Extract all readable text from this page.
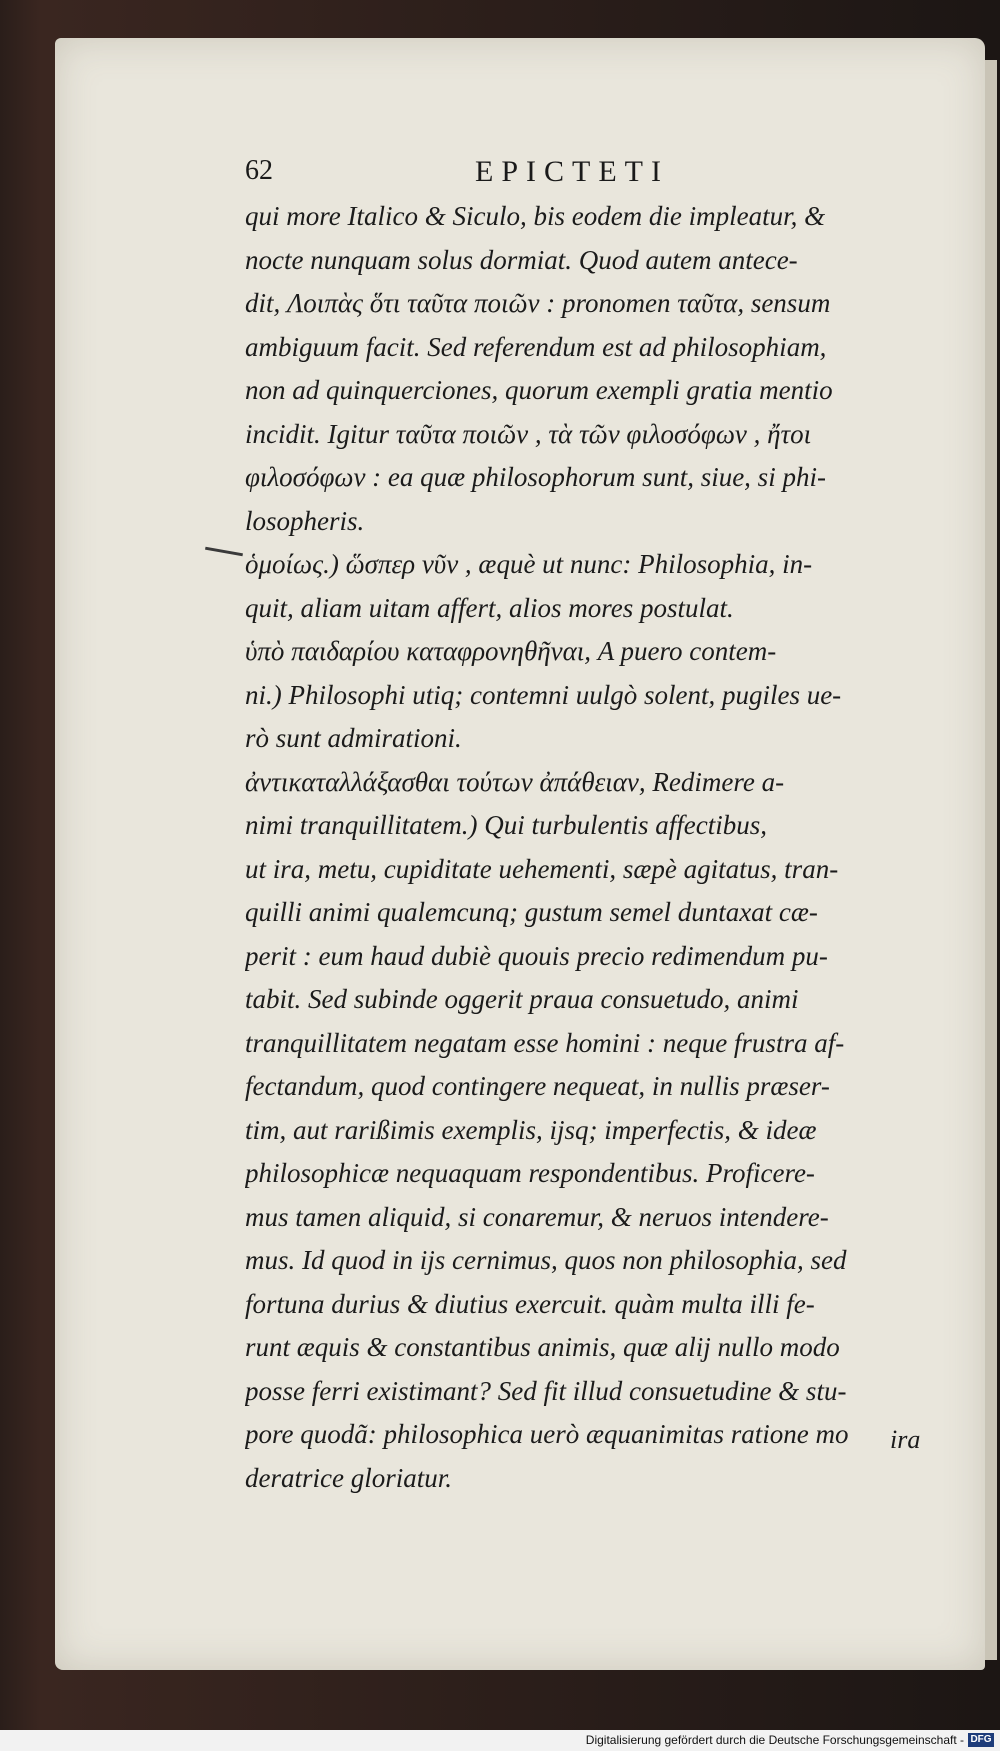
62	EPICTETI
qui more Italico & Siculo, bis eodem die impleatur, &
nocte nunquam solus dormiat. Quod autem antece-
dit, Λοιπὰς ὅτι ταῦτα ποιῶν : pronomen ταῦτα, sensum
ambiguum facit. Sed referendum est ad philosophiam,
non ad quinquerciones, quorum exempli gratia mentio
incidit. Igitur ταῦτα ποιῶν , τὰ τῶν φιλοσόφων , ἤτοι
φιλοσόφων : ea quæ philosophorum sunt, siue, si phi-
losopheris.
ὁμοίως.) ὥσπερ νῦν , æquè ut nunc: Philosophia, in-
quit, aliam uitam affert, alios mores postulat.
ὑπὸ παιδαρίου καταφρονηθῆναι, A puero contem-
ni.) Philosophi utiq; contemni uulgò solent, pugiles ue-
rò sunt admirationi.
ἀντικαταλλάξασθαι τούτων ἀπάθειαν, Redimere a-
nimi tranquillitatem.) Qui turbulentis affectibus,
ut ira, metu, cupiditate uehementi, sæpè agitatus, tran-
quilli animi qualemcunq; gustum semel duntaxat cæ-
perit : eum haud dubiè quouis precio redimendum pu-
tabit. Sed subinde oggerit praua consuetudo, animi
tranquillitatem negatam esse homini : neque frustra af-
fectandum, quod contingere nequeat, in nullis præser-
tim, aut rarißimis exemplis, ijsq; imperfectis, & ideæ
philosophicæ nequaquam respondentibus. Proficere-
mus tamen aliquid, si conaremur, & neruos intendere-
mus. Id quod in ijs cernimus, quos non philosophia, sed
fortuna durius & diutius exercuit. quàm multa illi fe-
runt æquis & constantibus animis, quæ alij nullo modo
posse ferri existimant? Sed fit illud consuetudine & stu-
pore quodã: philosophica uerò æquanimitas ratione mo
deratrice gloriatur.
ira
Digitalisierung gefördert durch die Deutsche Forschungsgemeinschaft - DFG
